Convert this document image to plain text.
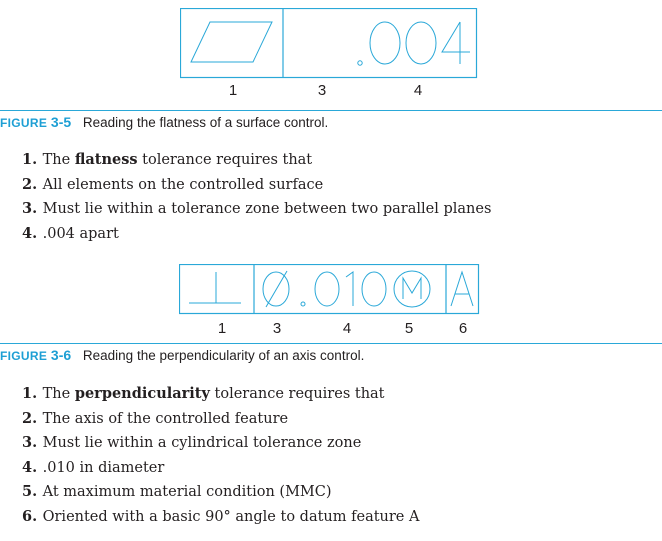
1	3	4
FIGURE 3-5 Reading the flatness of a surface control.
1. The flatness tolerance requires that
2. All elements on the controlled surface
3. Must lie within a tolerance zone between two parallel planes
4. .004 apart
1	3	4	5	6
FIGURE 3-6 Reading the perpendicularity of an axis control.
1. The perpendicularity tolerance requires that
2. The axis of the controlled feature
3. Must lie within a cylindrical tolerance zone
4. .010 in diameter
5. At maximum material condition (MMC)
6. Oriented with a basic 90° angle to datum feature A
